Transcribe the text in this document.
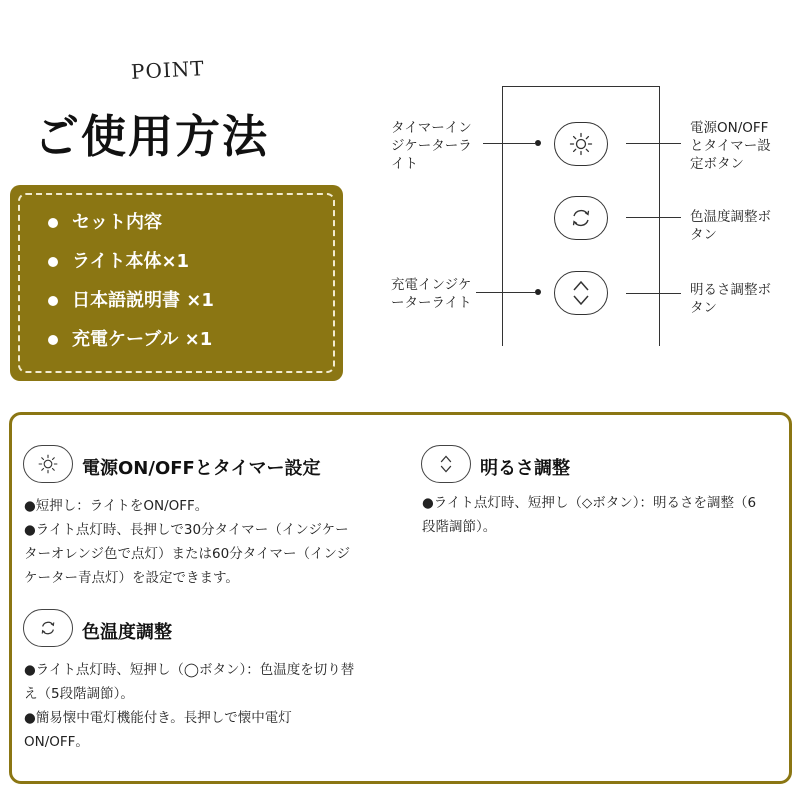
POINT
ご使用方法
セット内容
ライト本体×1
日本語説明書 ×1
充電ケーブル ×1
タイマーイン
ジケーターラ
イト
充電インジケ
ーターライト
電源ON/OFF
とタイマー設
定ボタン
色温度調整ボ
タン
明るさ調整ボ
タン
電源ON/OFFとタイマー設定
●短押し：ライトをON/OFF。
●ライト点灯時、長押しで30分タイマー（インジケー
ターオレンジ色で点灯）または60分タイマー（インジ
ケーター青点灯）を設定できます。
明るさ調整
●ライト点灯時、短押し（◇ボタン）：明るさを調整（6
段階調節）。
色温度調整
●ライト点灯時、短押し（◯ボタン）：色温度を切り替
え（5段階調節）。
●簡易懐中電灯機能付き。長押しで懐中電灯
ON/OFF。
